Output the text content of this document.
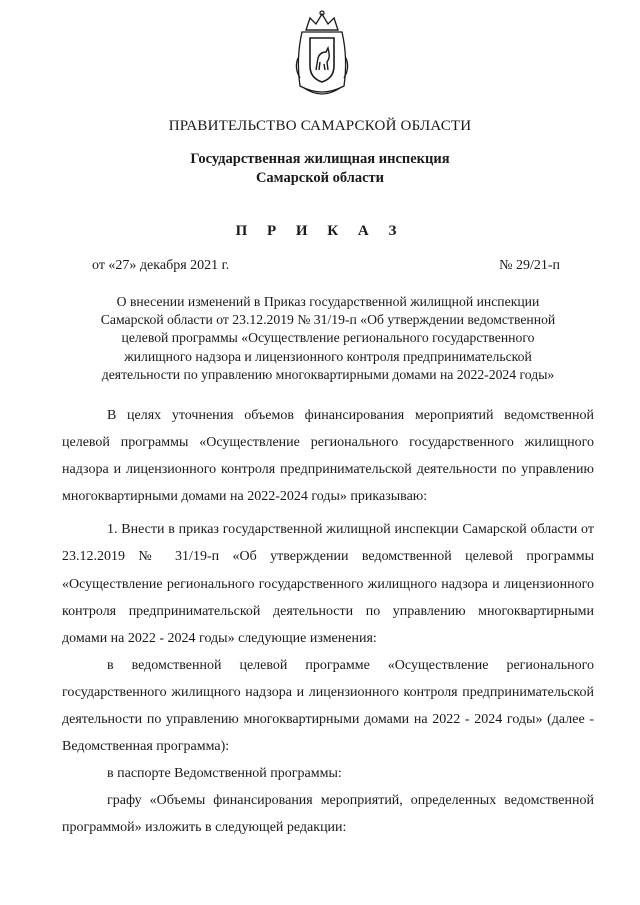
ПРАВИТЕЛЬСТВО САМАРСКОЙ ОБЛАСТИ
Государственная жилищная инспекция
Самарской области
П Р И К А З
от «27» декабря 2021 г.	№ 29/21-п
О внесении изменений в Приказ государственной жилищной инспекции
Самарской области от 23.12.2019 № 31/19-п «Об утверждении ведомственной
целевой программы «Осуществление регионального государственного
жилищного надзора и лицензионного контроля предпринимательской
деятельности по управлению многоквартирными домами на 2022-2024 годы»

В целях уточнения объемов финансирования мероприятий ведомственной целевой программы «Осуществление регионального государственного жилищного надзора и лицензионного контроля предпринимательской деятельности по управлению многоквартирными домами на 2022-2024 годы» приказываю:

1. Внести в приказ государственной жилищной инспекции Самарской области от 23.12.2019 № 31/19-п «Об утверждении ведомственной целевой программы «Осуществление регионального государственного жилищного надзора и лицензионного контроля предпринимательской деятельности по управлению многоквартирными домами на 2022 - 2024 годы» следующие изменения:

в ведомственной целевой программе «Осуществление регионального государственного жилищного надзора и лицензионного контроля предпринимательской деятельности по управлению многоквартирными домами на 2022 - 2024 годы» (далее - Ведомственная программа):

в паспорте Ведомственной программы:

графу «Объемы финансирования мероприятий, определенных ведомственной программой» изложить в следующей редакции:
